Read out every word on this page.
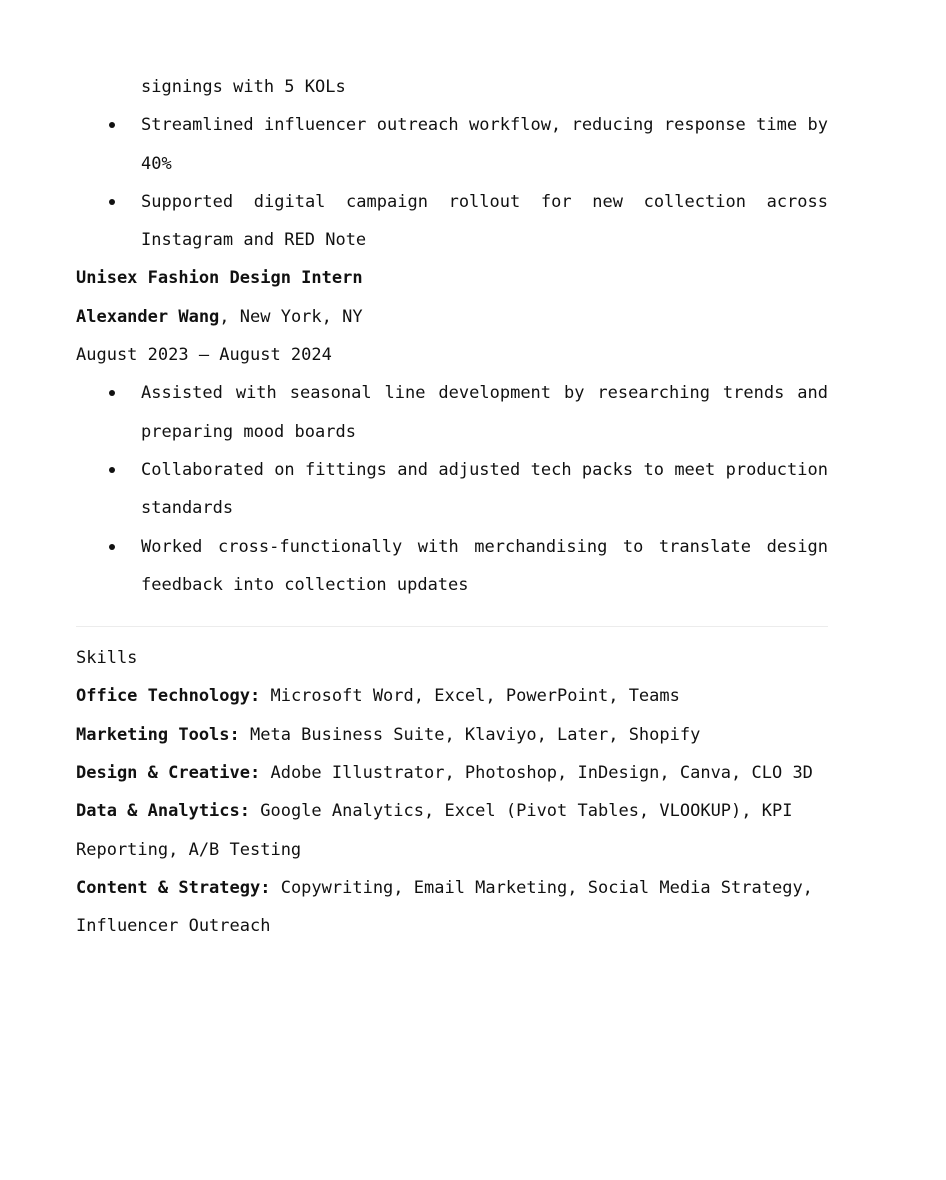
signings with 5 KOLs
Streamlined influencer outreach workflow, reducing response time by 40%
Supported digital campaign rollout for new collection across Instagram and RED Note
Unisex Fashion Design Intern
Alexander Wang, New York, NY
August 2023 — August 2024
Assisted with seasonal line development by researching trends and preparing mood boards
Collaborated on fittings and adjusted tech packs to meet production standards
Worked cross-functionally with merchandising to translate design feedback into collection updates
Skills
Office Technology: Microsoft Word, Excel, PowerPoint, Teams
Marketing Tools: Meta Business Suite, Klaviyo, Later, Shopify
Design & Creative: Adobe Illustrator, Photoshop, InDesign, Canva, CLO 3D
Data & Analytics: Google Analytics, Excel (Pivot Tables, VLOOKUP), KPI Reporting, A/B Testing
Content & Strategy: Copywriting, Email Marketing, Social Media Strategy, Influencer Outreach
